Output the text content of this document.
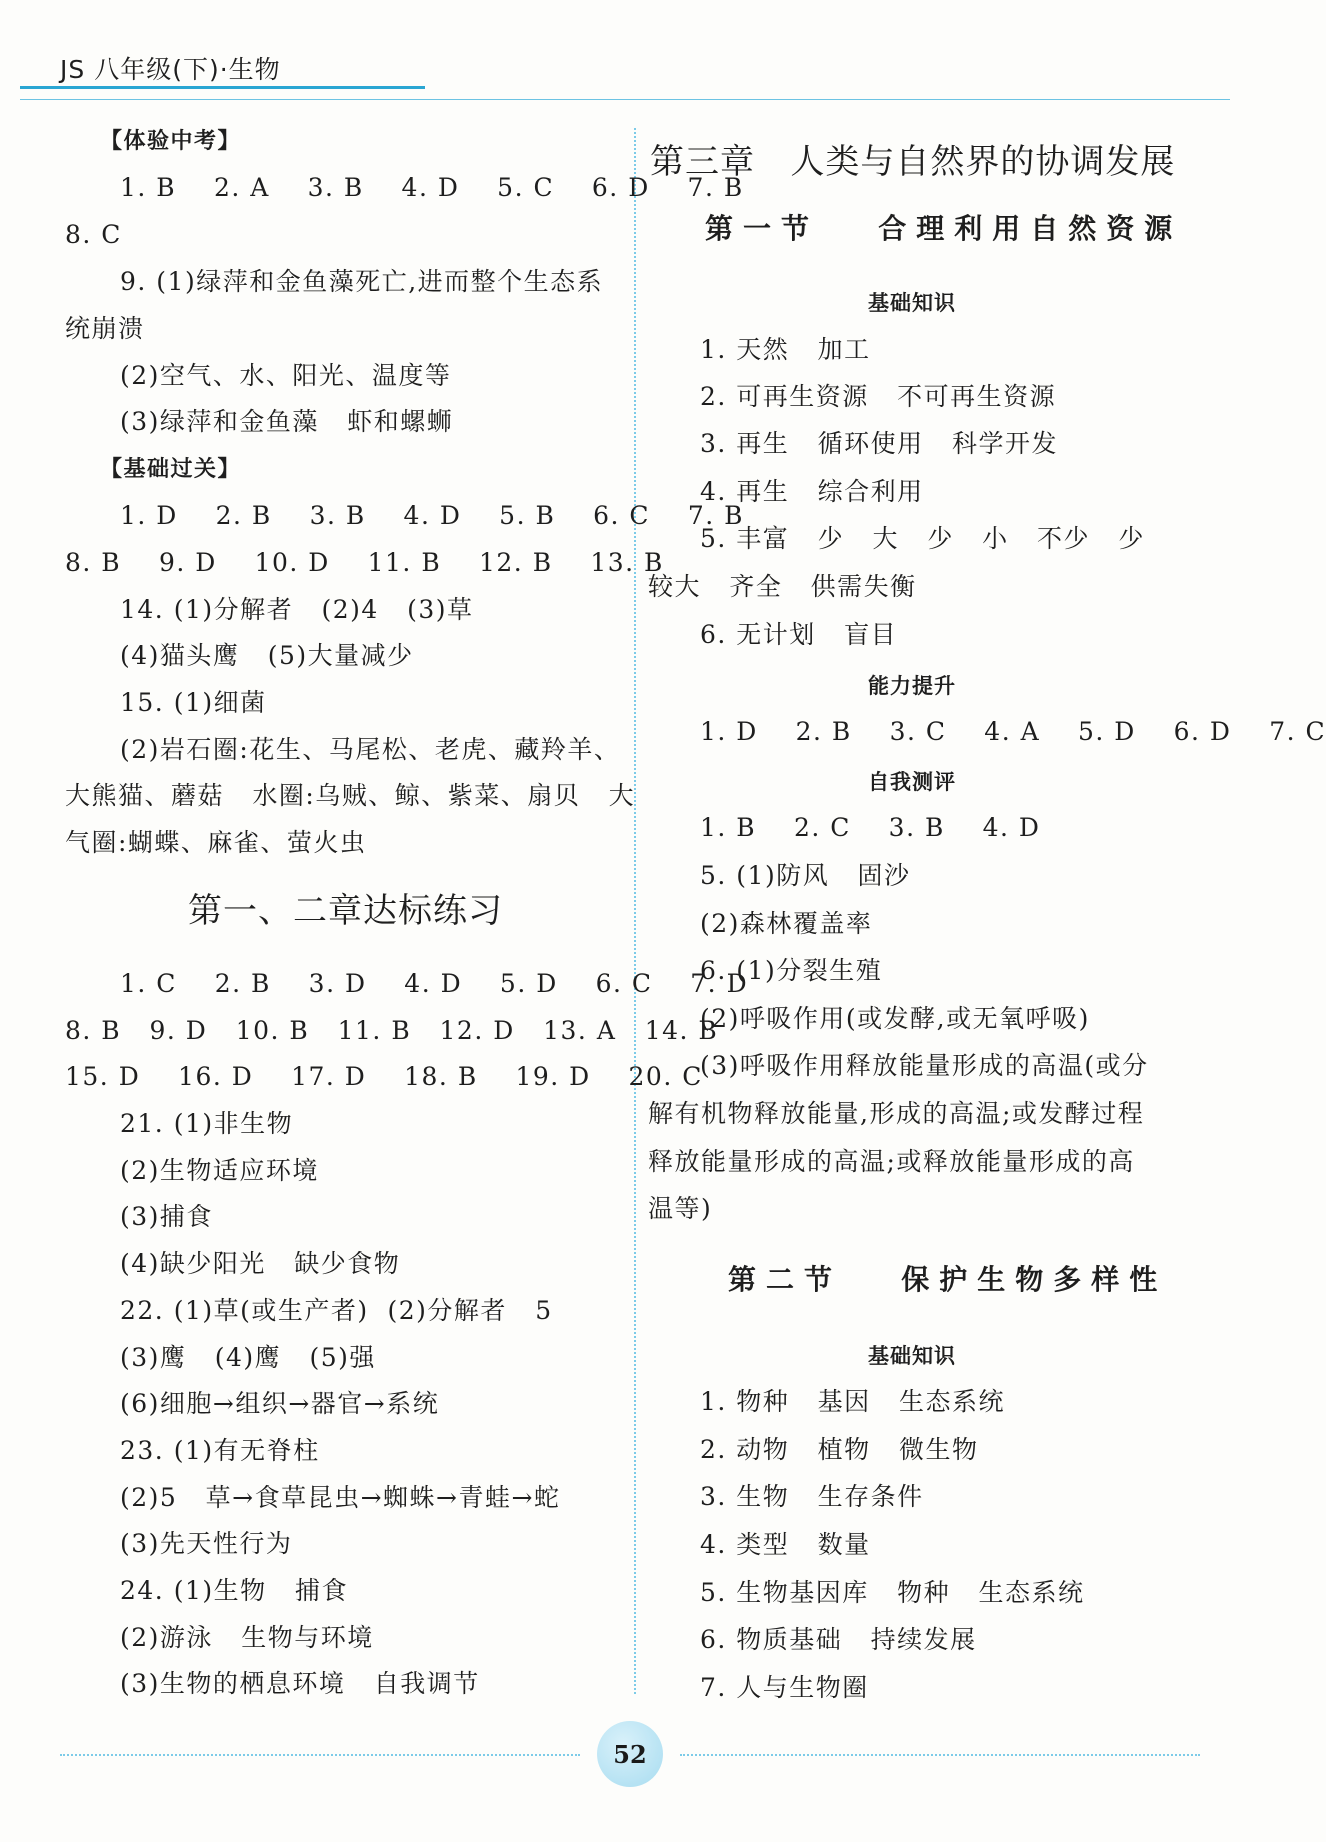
JS 八年级(下)·生物
【体验中考】
1. B    2. A    3. B    4. D    5. C    6. D    7. B
8. C
9. (1)绿萍和金鱼藻死亡,进而整个生态系
统崩溃
(2)空气、水、阳光、温度等
(3)绿萍和金鱼藻   虾和螺蛳
【基础过关】
1. D    2. B    3. B    4. D    5. B    6. C    7. B
8. B    9. D    10. D    11. B    12. B    13. B
14. (1)分解者   (2)4   (3)草
(4)猫头鹰   (5)大量减少
15. (1)细菌
(2)岩石圈:花生、马尾松、老虎、藏羚羊、
大熊猫、蘑菇   水圈:乌贼、鲸、紫菜、扇贝   大
气圈:蝴蝶、麻雀、萤火虫
第一、二章达标练习
1. C    2. B    3. D    4. D    5. D    6. C    7. D
8. B   9. D   10. B   11. B   12. D   13. A   14. B
15. D    16. D    17. D    18. B    19. D    20. C
21. (1)非生物
(2)生物适应环境
(3)捕食
(4)缺少阳光   缺少食物
22. (1)草(或生产者)  (2)分解者   5
(3)鹰   (4)鹰   (5)强
(6)细胞→组织→器官→系统
23. (1)有无脊柱
(2)5   草→食草昆虫→蜘蛛→青蛙→蛇
(3)先天性行为
24. (1)生物   捕食
(2)游泳   生物与环境
(3)生物的栖息环境   自我调节
第三章   人类与自然界的协调发展
第一节   合理利用自然资源
基础知识
1. 天然   加工
2. 可再生资源   不可再生资源
3. 再生   循环使用   科学开发
4. 再生   综合利用
5. 丰富   少   大   少   小   不少   少
较大   齐全   供需失衡
6. 无计划   盲目
能力提升
1. D    2. B    3. C    4. A    5. D    6. D    7. C
自我测评
1. B    2. C    3. B    4. D
5. (1)防风   固沙
(2)森林覆盖率
6. (1)分裂生殖
(2)呼吸作用(或发酵,或无氧呼吸)
(3)呼吸作用释放能量形成的高温(或分
解有机物释放能量,形成的高温;或发酵过程
释放能量形成的高温;或释放能量形成的高
温等)
第二节   保护生物多样性
基础知识
1. 物种   基因   生态系统
2. 动物   植物   微生物
3. 生物   生存条件
4. 类型   数量
5. 生物基因库   物种   生态系统
6. 物质基础   持续发展
7. 人与生物圈
52
